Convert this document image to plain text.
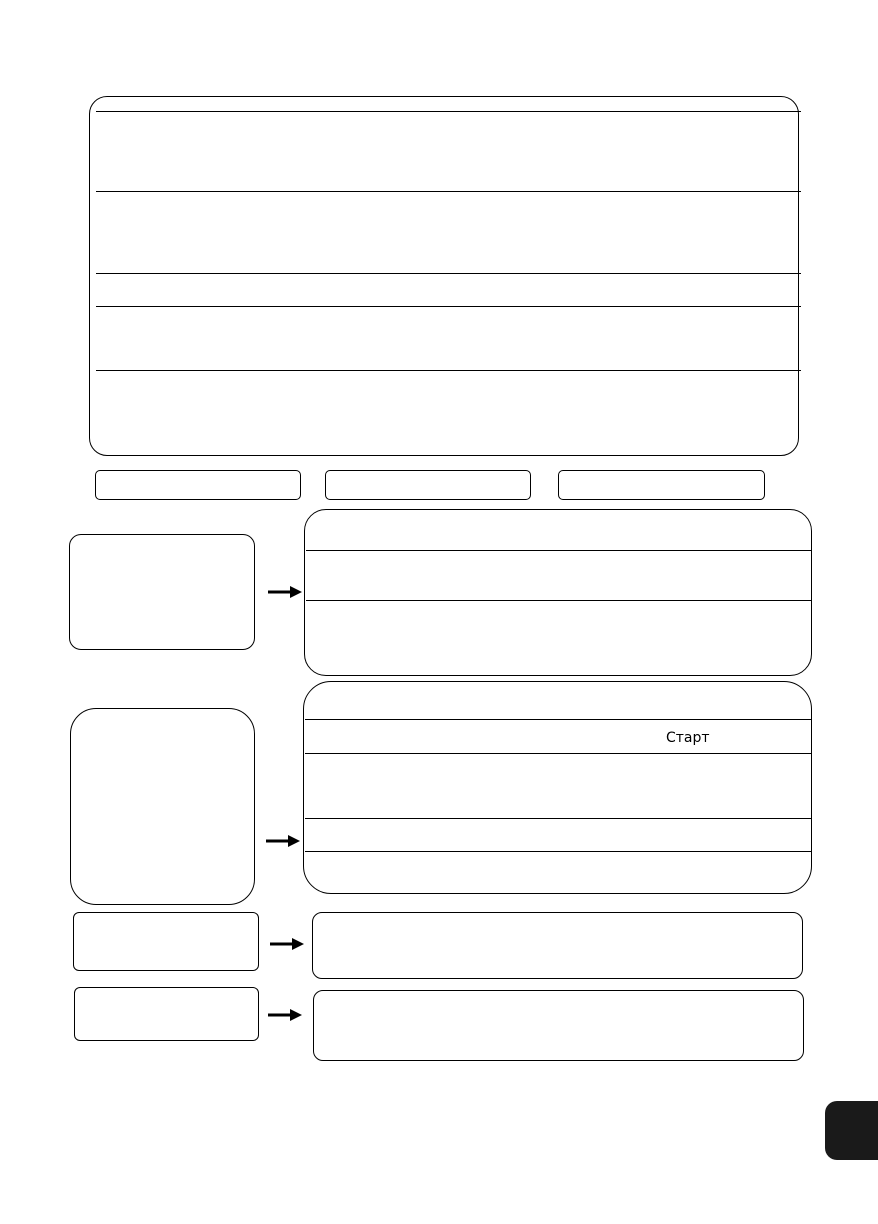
Старт
